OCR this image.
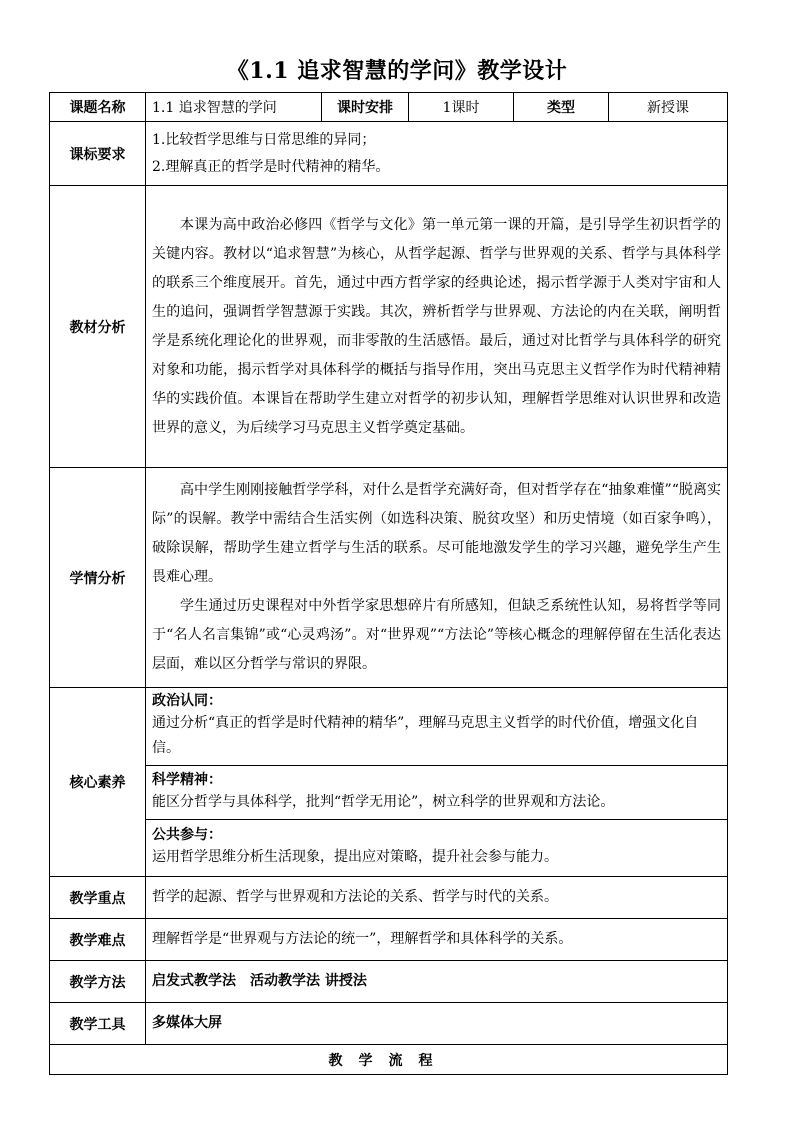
《1.1 追求智慧的学问》教学设计
课题名称	1.1 追求智慧的学问	课时安排	1课时	类型	新授课
课标要求	1.比较哲学思维与日常思维的异同；

2.理解真正的哲学是时代精神的精华。				

教材分析	本课为高中政治必修四《哲学与文化》第一单元第一课的开篇，是引导学生初识哲学的关键内容。教材以“追求智慧”为核心，从哲学起源、哲学与世界观的关系、哲学与具体科学的联系三个维度展开。首先，通过中西方哲学家的经典论述，揭示哲学源于人类对宇宙和人生的追问，强调哲学智慧源于实践。其次，辨析哲学与世界观、方法论的内在关联，阐明哲学是系统化理论化的世界观，而非零散的生活感悟。最后，通过对比哲学与具体科学的研究对象和功能，揭示哲学对具体科学的概括与指导作用，突出马克思主义哲学作为时代精神精华的实践价值。本课旨在帮助学生建立对哲学的初步认知，理解哲学思维对认识世界和改造世界的意义，为后续学习马克思主义哲学奠定基础。				

学情分析	高中学生刚刚接触哲学学科，对什么是哲学充满好奇，但对哲学存在“抽象难懂”“脱离实际”的误解。教学中需结合生活实例（如选科决策、脱贫攻坚）和历史情境（如百家争鸣），破除误解，帮助学生建立哲学与生活的联系。尽可能地激发学生的学习兴趣，避免学生产生畏难心理。

学生通过历史课程对中外哲学家思想碎片有所感知，但缺乏系统性认知，易将哲学等同于“名人名言集锦”或“心灵鸡汤”。对“世界观”“方法论”等核心概念的理解停留在生活化表达层面，难以区分哲学与常识的界限。				

核心素养	政治认同：

通过分析“真正的哲学是时代精神的精华”，理解马克思主义哲学的时代价值，增强文化自信。				

	科学精神：

能区分哲学与具体科学，批判“哲学无用论”，树立科学的世界观和方法论。				

	公共参与：

运用哲学思维分析生活现象，提出应对策略，提升社会参与能力。				

教学重点	哲学的起源、哲学与世界观和方法论的关系、哲学与时代的关系。				
教学难点	理解哲学是“世界观与方法论的统一”，理解哲学和具体科学的关系。				
教学方法	启发式教学法　活动教学法 讲授法				
教学工具	多媒体大屏				
教学流程					
